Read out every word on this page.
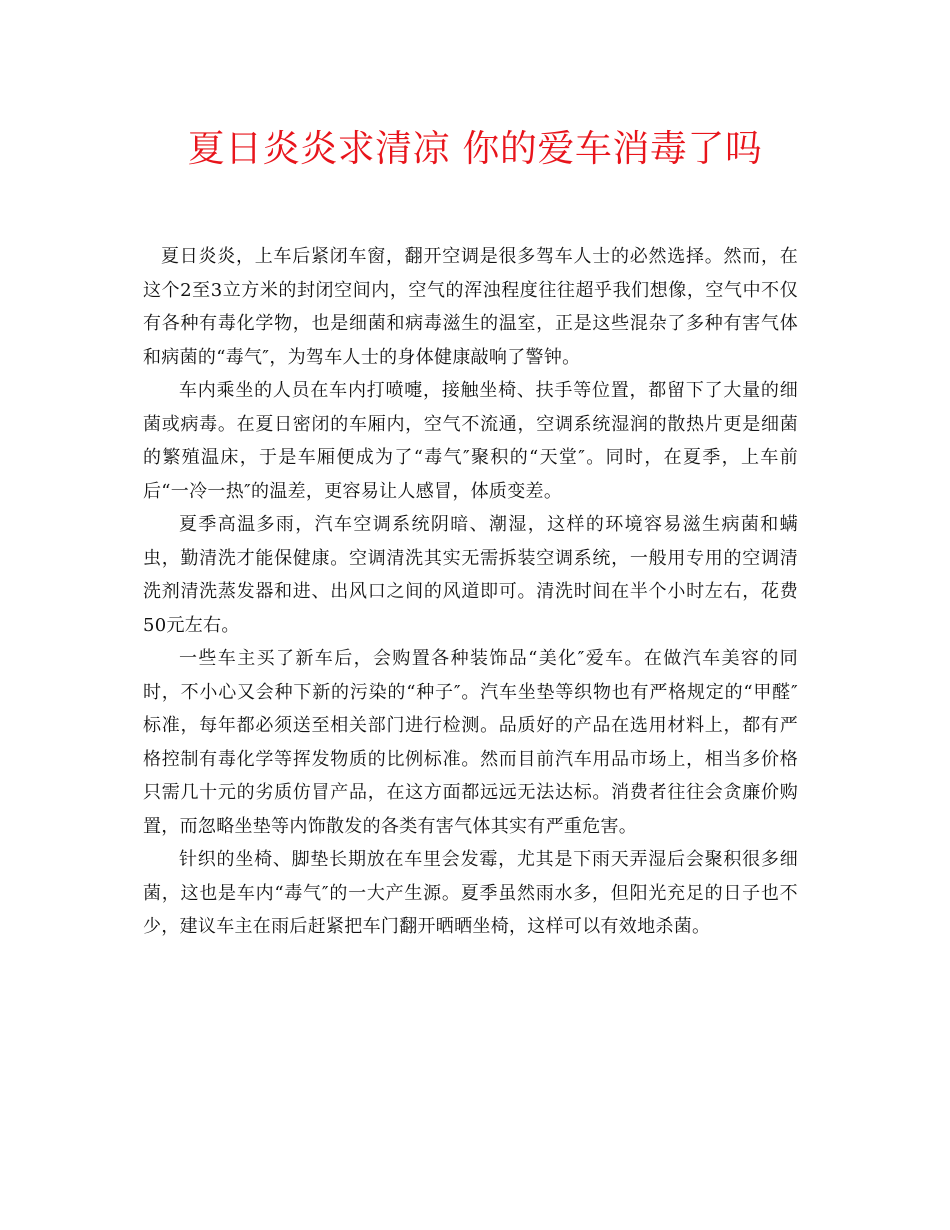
夏日炎炎求清凉 你的爱车消毒了吗

夏日炎炎，上车后紧闭车窗，翻开空调是很多驾车人士的必然选择。然而，在这个2至3立方米的封闭空间内，空气的浑浊程度往往超乎我们想像，空气中不仅有各种有毒化学物，也是细菌和病毒滋生的温室，正是这些混杂了多种有害气体和病菌的“毒气″，为驾车人士的身体健康敲响了警钟。

车内乘坐的人员在车内打喷嚏，接触坐椅、扶手等位置，都留下了大量的细菌或病毒。在夏日密闭的车厢内，空气不流通，空调系统湿润的散热片更是细菌的繁殖温床，于是车厢便成为了“毒气″聚积的“天堂″。同时，在夏季，上车前后“一冷一热″的温差，更容易让人感冒，体质变差。

夏季高温多雨，汽车空调系统阴暗、潮湿，这样的环境容易滋生病菌和螨虫，勤清洗才能保健康。空调清洗其实无需拆装空调系统，一般用专用的空调清洗剂清洗蒸发器和进、出风口之间的风道即可。清洗时间在半个小时左右，花费50元左右。

一些车主买了新车后，会购置各种装饰品“美化″爱车。在做汽车美容的同时，不小心又会种下新的污染的“种子″。汽车坐垫等织物也有严格规定的“甲醛″标准，每年都必须送至相关部门进行检测。品质好的产品在选用材料上，都有严格控制有毒化学等挥发物质的比例标准。然而目前汽车用品市场上，相当多价格只需几十元的劣质仿冒产品，在这方面都远远无法达标。消费者往往会贪廉价购置，而忽略坐垫等内饰散发的各类有害气体其实有严重危害。

针织的坐椅、脚垫长期放在车里会发霉，尤其是下雨天弄湿后会聚积很多细菌，这也是车内“毒气″的一大产生源。夏季虽然雨水多，但阳光充足的日子也不少，建议车主在雨后赶紧把车门翻开晒晒坐椅，这样可以有效地杀菌。
